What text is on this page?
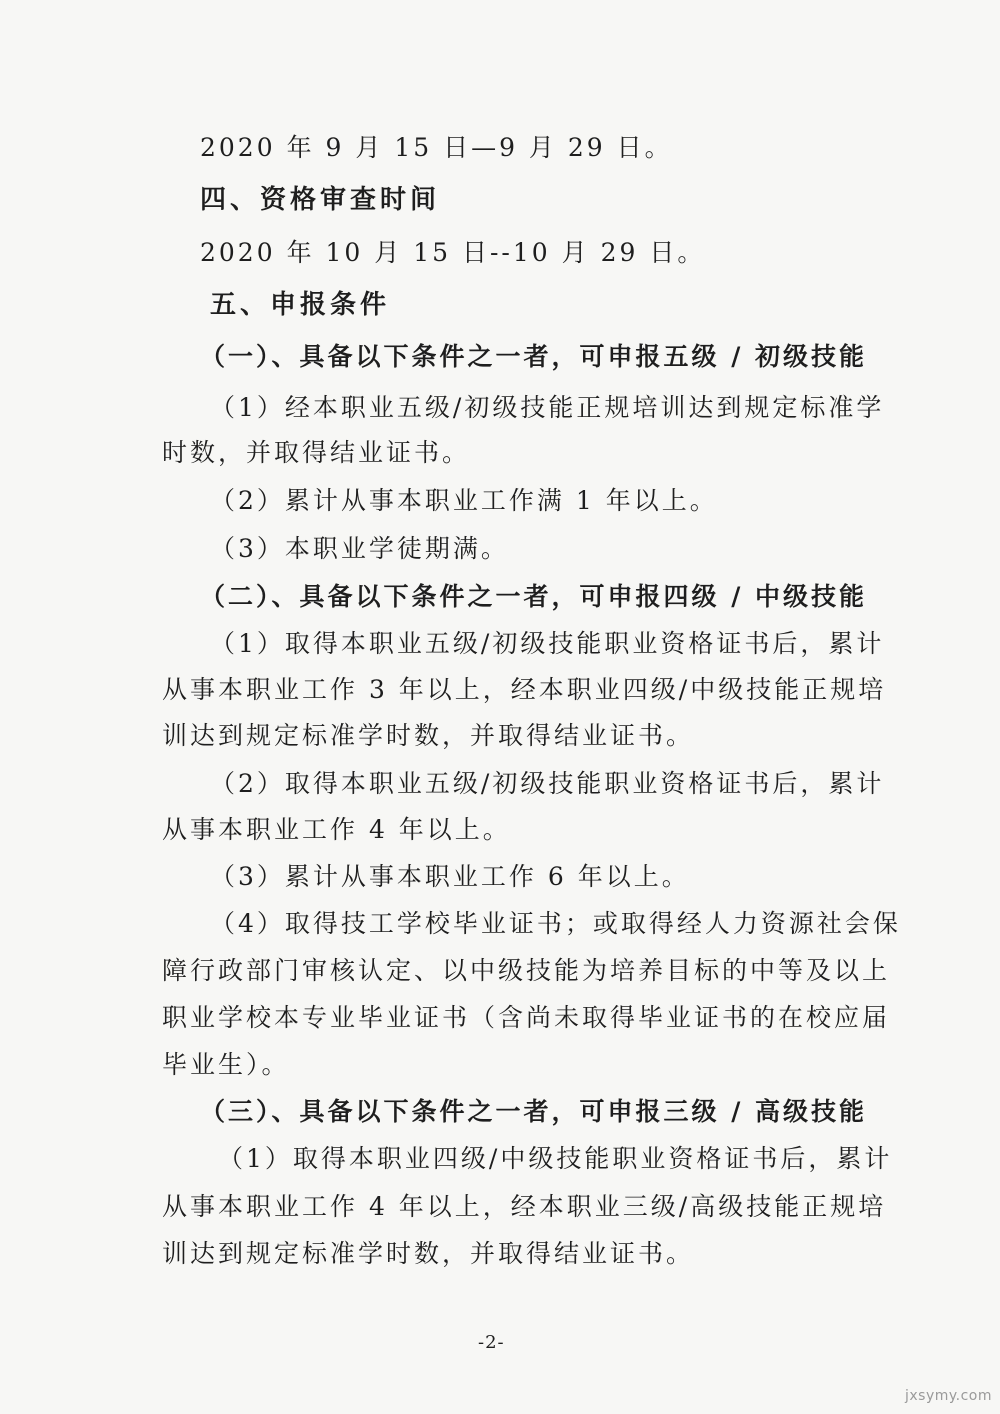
2020 年 9 月 15 日—9 月 29 日。
四、资格审查时间
2020 年 10 月 15 日--10 月 29 日。
五、申报条件
（一）、具备以下条件之一者，可申报五级 / 初级技能
（1）经本职业五级/初级技能正规培训达到规定标准学
时数，并取得结业证书。
（2）累计从事本职业工作满 1 年以上。
（3）本职业学徒期满。
（二）、具备以下条件之一者，可申报四级 / 中级技能
（1）取得本职业五级/初级技能职业资格证书后，累计
从事本职业工作 3 年以上，经本职业四级/中级技能正规培
训达到规定标准学时数，并取得结业证书。
（2）取得本职业五级/初级技能职业资格证书后，累计
从事本职业工作 4 年以上。
（3）累计从事本职业工作 6 年以上。
（4）取得技工学校毕业证书；或取得经人力资源社会保
障行政部门审核认定、以中级技能为培养目标的中等及以上
职业学校本专业毕业证书（含尚未取得毕业证书的在校应届
毕业生）。
（三）、具备以下条件之一者，可申报三级 / 高级技能
（1）取得本职业四级/中级技能职业资格证书后，累计
从事本职业工作 4 年以上，经本职业三级/高级技能正规培
训达到规定标准学时数，并取得结业证书。
-2-
jxsymy.com
